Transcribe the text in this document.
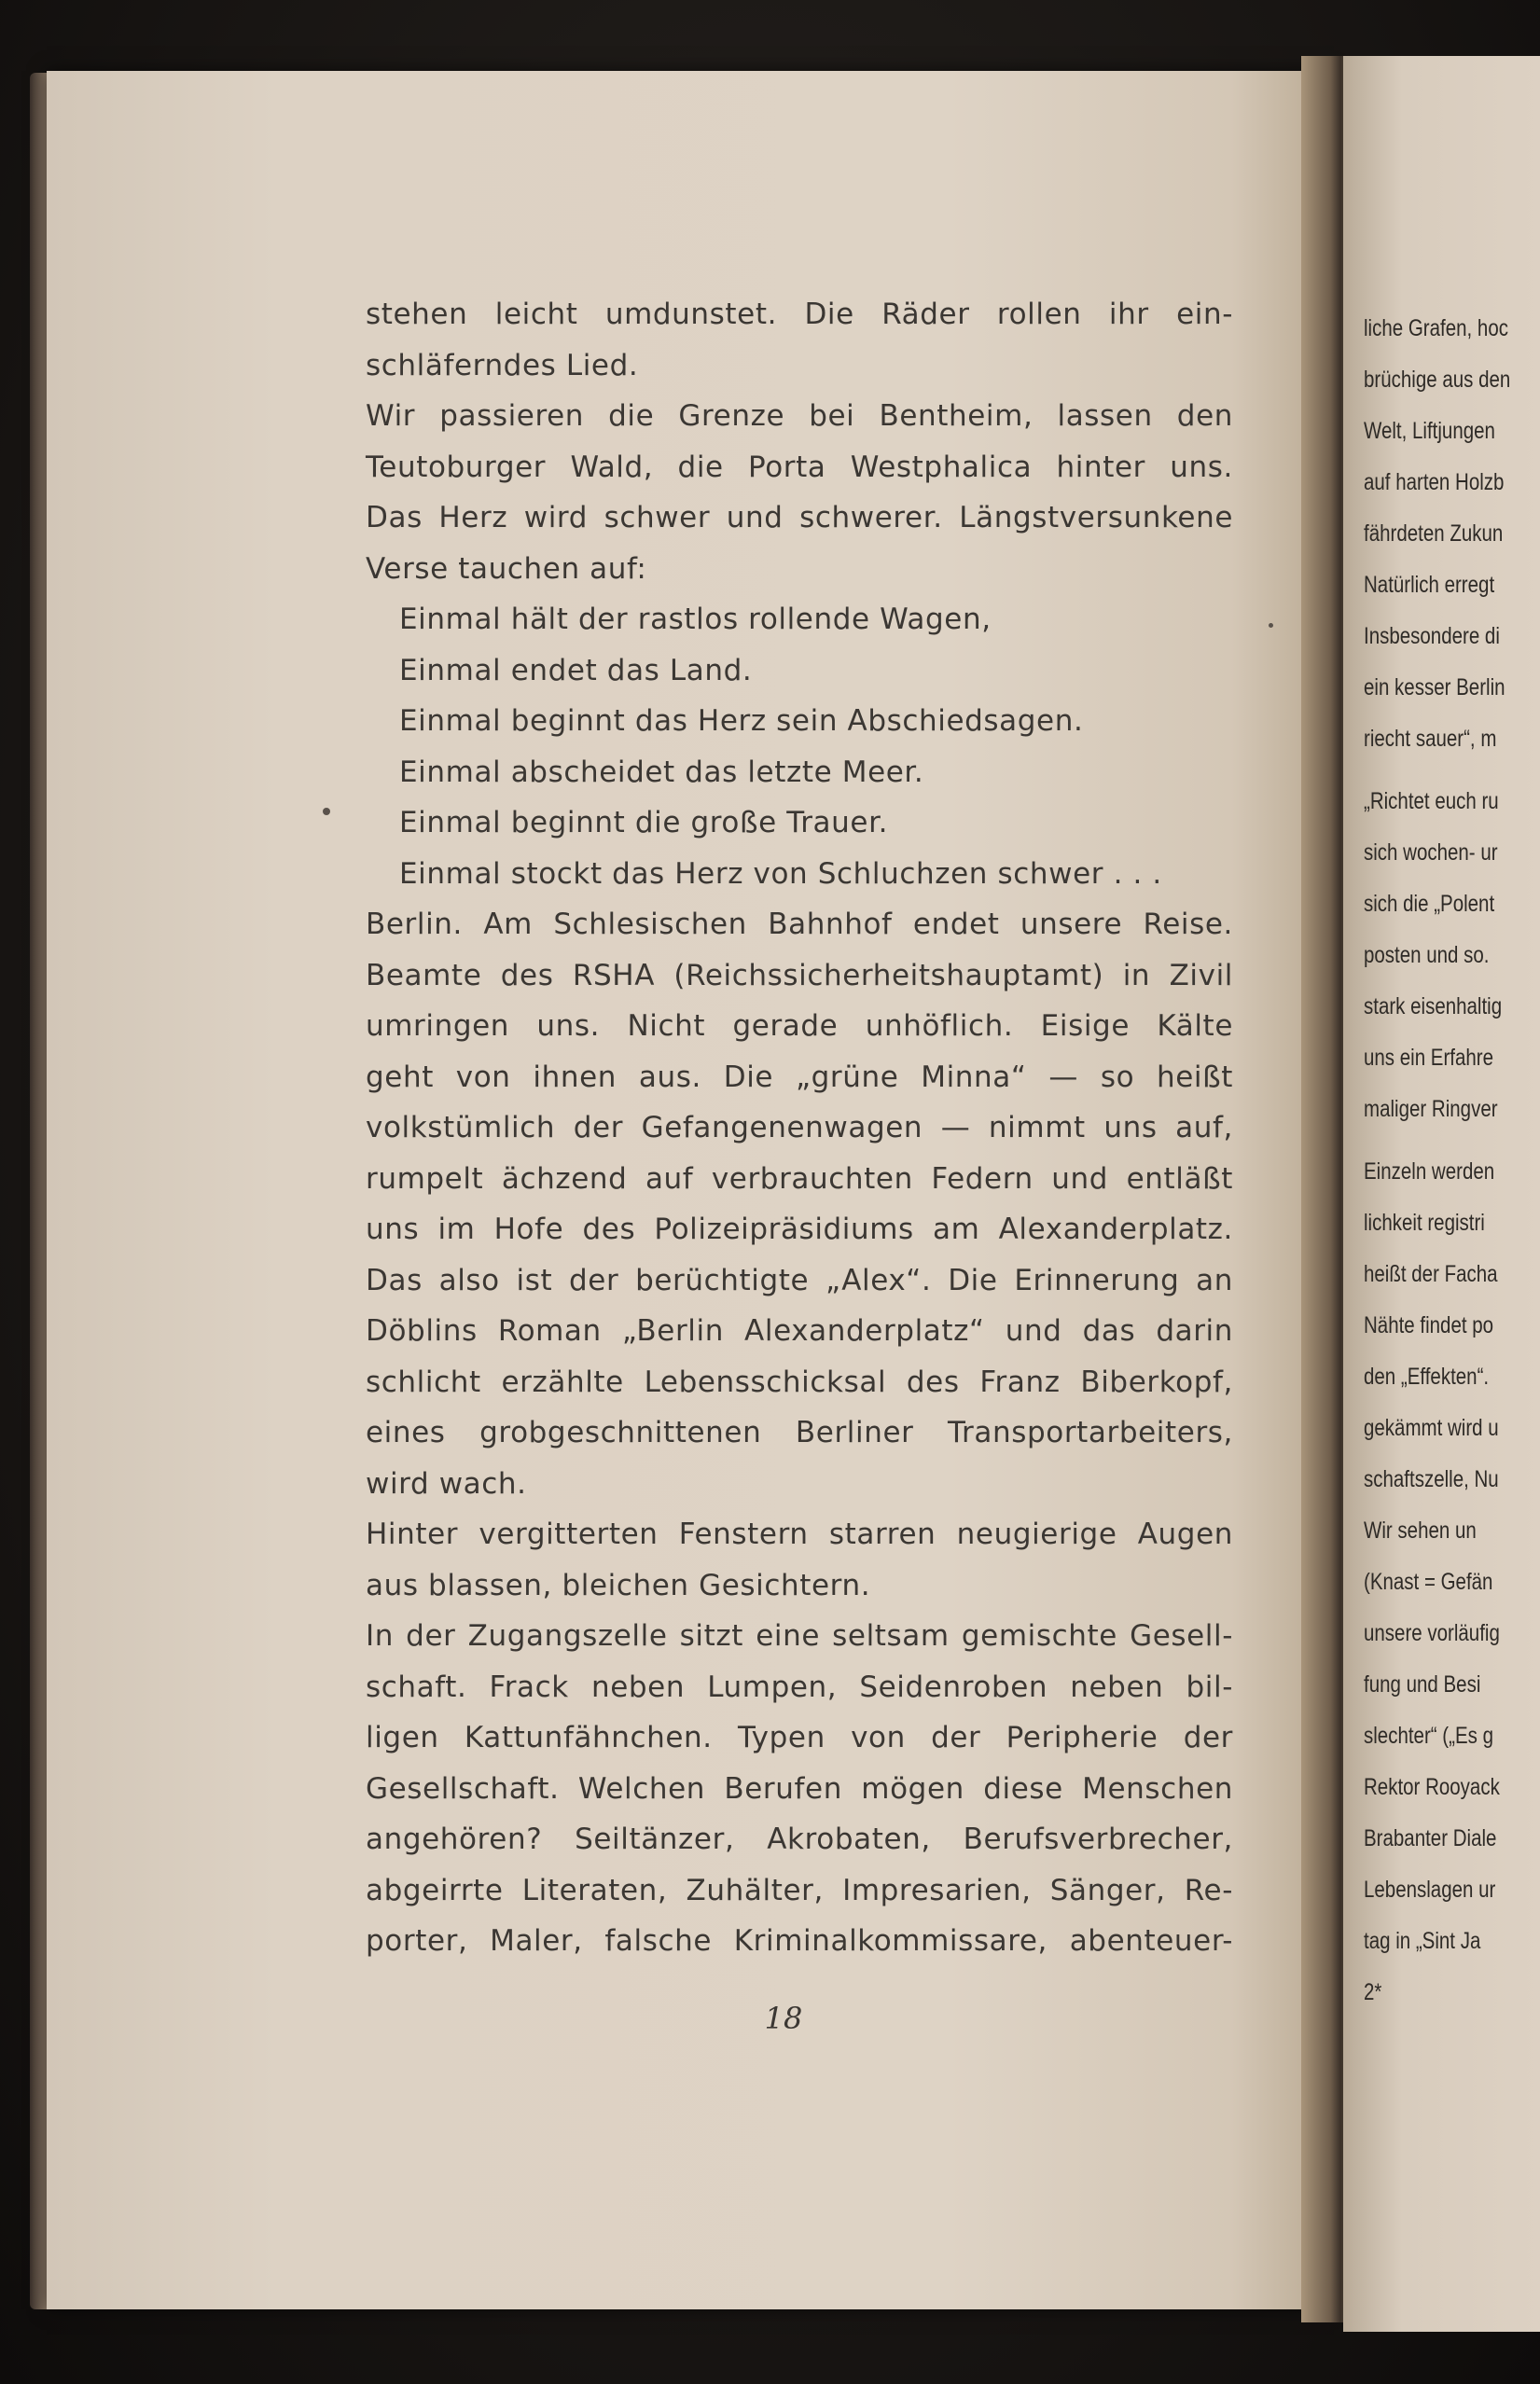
liche Grafen, hoc
brüchige aus den
Welt, Liftjungen
auf harten Holzb
fährdeten Zukun
Natürlich erregt
Insbesondere di
ein kesser Berlin
riecht sauer“, m
„Richtet euch ru
sich wochen- ur
sich die „Polent
posten und so.
stark eisenhaltig
uns ein Erfahre
maliger Ringver
Einzeln werden
lichkeit registri
heißt der Facha
Nähte findet po
den „Effekten“.
gekämmt wird u
schaftszelle, Nu
Wir sehen un
(Knast = Gefän
unsere vorläufig
fung und Besi
slechter“ („Es g
Rektor Rooyack
Brabanter Diale
Lebenslagen ur
tag in „Sint Ja
2*
stehen leicht umdunstet. Die Räder rollen ihr ein-
schläferndes Lied.
Wir passieren die Grenze bei Bentheim, lassen den
Teutoburger Wald, die Porta Westphalica hinter uns.
Das Herz wird schwer und schwerer. Längstversunkene
Verse tauchen auf:
Einmal hält der rastlos rollende Wagen,
Einmal endet das Land.
Einmal beginnt das Herz sein Abschiedsagen.
Einmal abscheidet das letzte Meer.
Einmal beginnt die große Trauer.
Einmal stockt das Herz von Schluchzen schwer . . .
Berlin. Am Schlesischen Bahnhof endet unsere Reise.
Beamte des RSHA (Reichssicherheitshauptamt) in Zivil
umringen uns. Nicht gerade unhöflich. Eisige Kälte
geht von ihnen aus. Die „grüne Minna“ — so heißt
volkstümlich der Gefangenenwagen — nimmt uns auf,
rumpelt ächzend auf verbrauchten Federn und entläßt
uns im Hofe des Polizeipräsidiums am Alexanderplatz.
Das also ist der berüchtigte „Alex“. Die Erinnerung an
Döblins Roman „Berlin Alexanderplatz“ und das darin
schlicht erzählte Lebensschicksal des Franz Biberkopf,
eines grobgeschnittenen Berliner Transportarbeiters,
wird wach.
Hinter vergitterten Fenstern starren neugierige Augen
aus blassen, bleichen Gesichtern.
In der Zugangszelle sitzt eine seltsam gemischte Gesell-
schaft. Frack neben Lumpen, Seidenroben neben bil-
ligen Kattunfähnchen. Typen von der Peripherie der
Gesellschaft. Welchen Berufen mögen diese Menschen
angehören? Seiltänzer, Akrobaten, Berufsverbrecher,
abgeirrte Literaten, Zuhälter, Impresarien, Sänger, Re-
porter, Maler, falsche Kriminalkommissare, abenteuer-
18
